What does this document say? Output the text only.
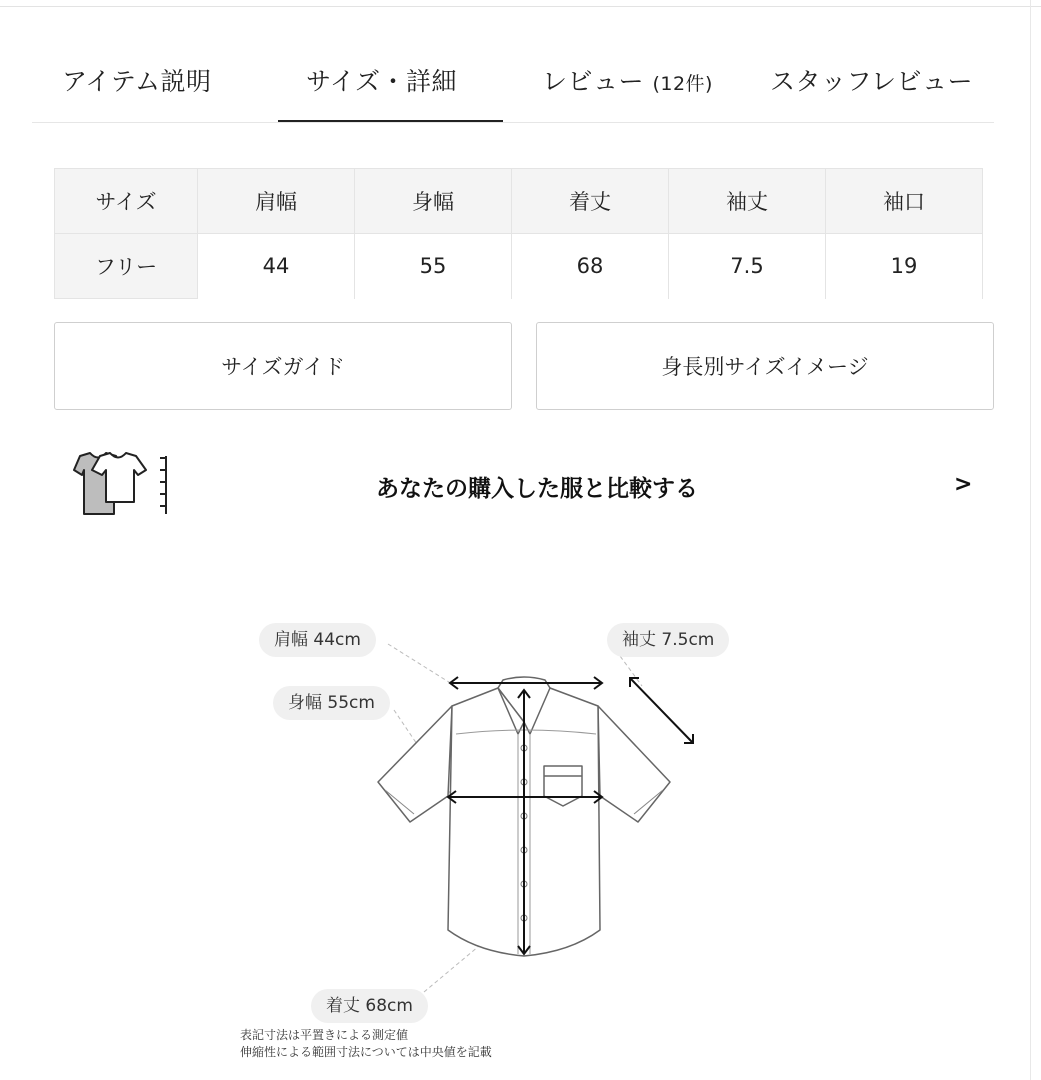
アイテム説明	サイズ・詳細	レビュー (12件) スタッフレビュー
サイズ	肩幅	身幅	着丈	袖丈	袖口
フリー	44	55	68	7.5	19
サイズガイド	身長別サイズイメージ
あなたの購入した服と比較する	>
肩幅 44cm	袖丈 7.5cm
身幅 55cm
着丈 68cm
表記寸法は平置きによる測定値
伸縮性による範囲寸法については中央値を記載
